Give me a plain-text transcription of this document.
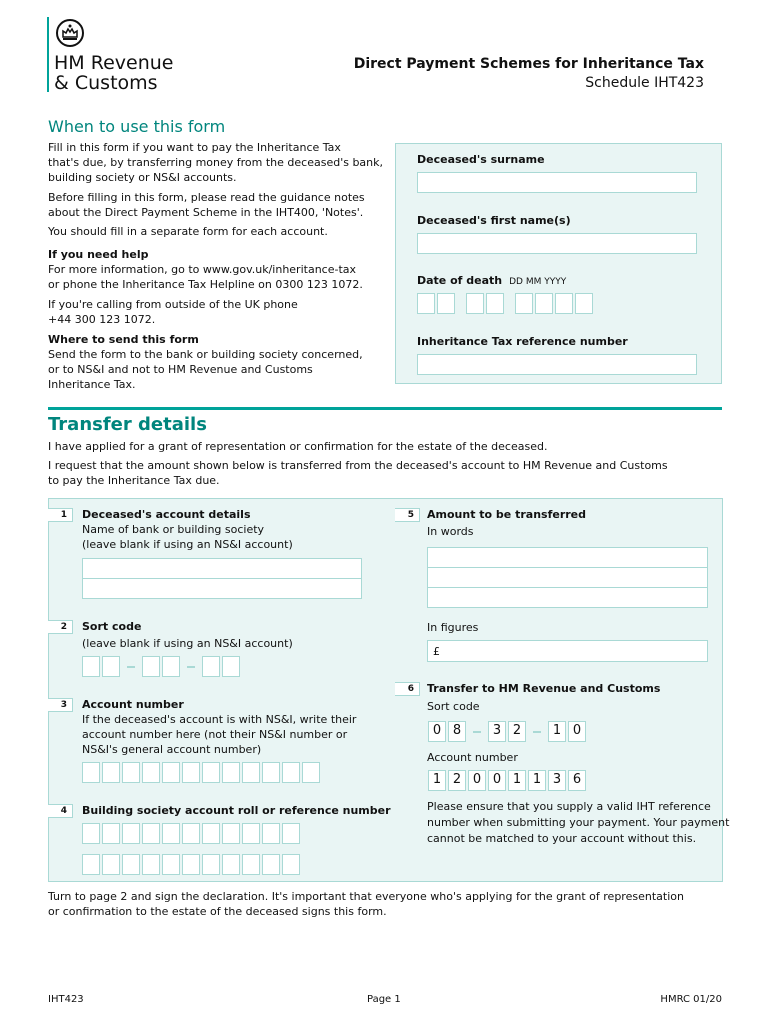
HM Revenue
& Customs
Direct Payment Schemes for Inheritance Tax
Schedule IHT423
When to use this form
Fill in this form if you want to pay the Inheritance Tax
that's due, by transferring money from the deceased's bank,
building society or NS&I accounts.
Before filling in this form, please read the guidance notes
about the Direct Payment Scheme in the IHT400, 'Notes'.
You should fill in a separate form for each account.
If you need help
For more information, go to www.gov.uk/inheritance-tax
or phone the Inheritance Tax Helpline on 0300 123 1072.
If you're calling from outside of the UK phone
+44 300 123 1072.
Where to send this form
Send the form to the bank or building society concerned,
or to NS&I and not to HM Revenue and Customs
Inheritance Tax.
Deceased's surname
Deceased's first name(s)
Date of death DD MM YYYY
Inheritance Tax reference number
Transfer details
I have applied for a grant of representation or confirmation for the estate of the deceased.
I request that the amount shown below is transferred from the deceased's account to HM Revenue and Customs
to pay the Inheritance Tax due.
1	Deceased's account details
Name of bank or building society
(leave blank if using an NS&I account)
2	Sort code
(leave blank if using an NS&I account)
3	Account number
If the deceased's account is with NS&I, write their
account number here (not their NS&I number or
NS&I's general account number)
4	Building society account roll or reference number
5	Amount to be transferred
In words
In figures
£
6	Transfer to HM Revenue and Customs
Sort code
0 8	3 2	1 0
Account number
1 2 0 0 1 1 3 6
Please ensure that you supply a valid IHT reference
number when submitting your payment. Your payment
cannot be matched to your account without this.
Turn to page 2 and sign the declaration. It's important that everyone who's applying for the grant of representation
or confirmation to the estate of the deceased signs this form.
IHT423	Page 1	HMRC 01/20
